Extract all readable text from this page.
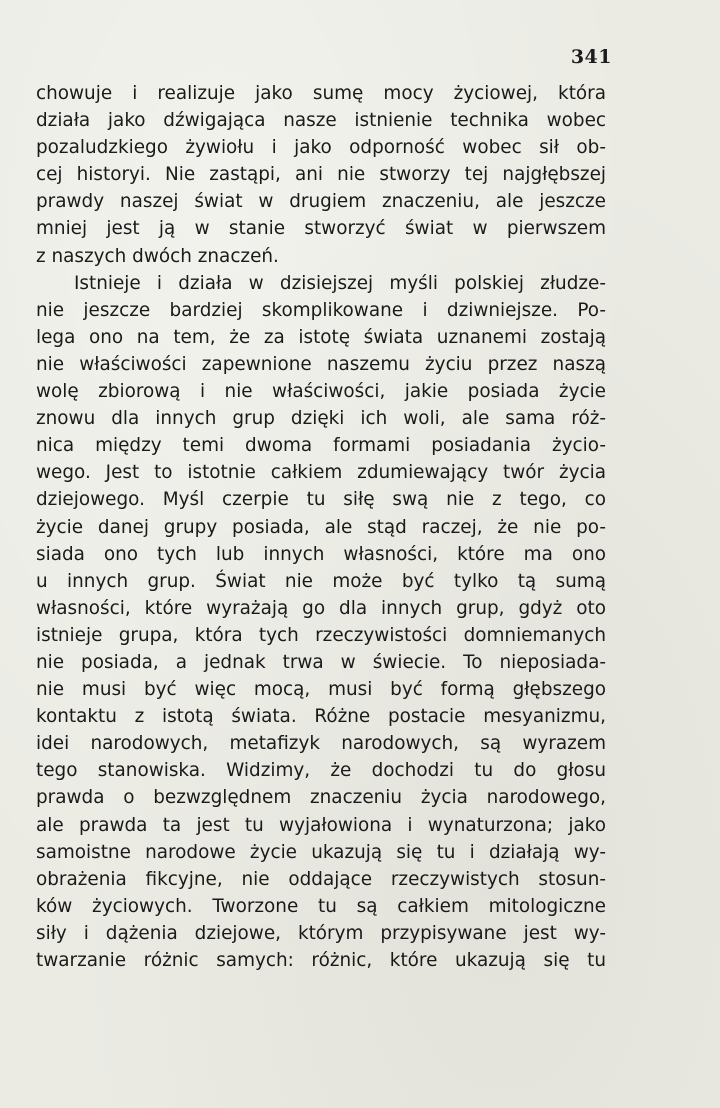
341
chowuje i realizuje jako sumę mocy życiowej, która
działa jako dźwigająca nasze istnienie technika wobec
pozaludzkiego żywiołu i jako odporność wobec sił ob-
cej historyi. Nie zastąpi, ani nie stworzy tej najgłębszej
prawdy naszej świat w drugiem znaczeniu, ale jeszcze
mniej jest ją w stanie stworzyć świat w pierwszem
z naszych dwóch znaczeń.
Istnieje i działa w dzisiejszej myśli polskiej złudze-
nie jeszcze bardziej skomplikowane i dziwniejsze. Po-
lega ono na tem, że za istotę świata uznanemi zostają
nie właściwości zapewnione naszemu życiu przez naszą
wolę zbiorową i nie właściwości, jakie posiada życie
znowu dla innych grup dzięki ich woli, ale sama róż-
nica między temi dwoma formami posiadania życio-
wego. Jest to istotnie całkiem zdumiewający twór życia
dziejowego. Myśl czerpie tu siłę swą nie z tego, co
życie danej grupy posiada, ale stąd raczej, że nie po-
siada ono tych lub innych własności, które ma ono
u innych grup. Świat nie może być tylko tą sumą
własności, które wyrażają go dla innych grup, gdyż oto
istnieje grupa, która tych rzeczywistości domniemanych
nie posiada, a jednak trwa w świecie. To nieposiada-
nie musi być więc mocą, musi być formą głębszego
kontaktu z istotą świata. Różne postacie mesyanizmu,
idei narodowych, metafizyk narodowych, są wyrazem
tego stanowiska. Widzimy, że dochodzi tu do głosu
prawda o bezwzględnem znaczeniu życia narodowego,
ale prawda ta jest tu wyjałowiona i wynaturzona; jako
samoistne narodowe życie ukazują się tu i działają wy-
obrażenia fikcyjne, nie oddające rzeczywistych stosun-
ków życiowych. Tworzone tu są całkiem mitologiczne
siły i dążenia dziejowe, którym przypisywane jest wy-
twarzanie różnic samych: różnic, które ukazują się tu
